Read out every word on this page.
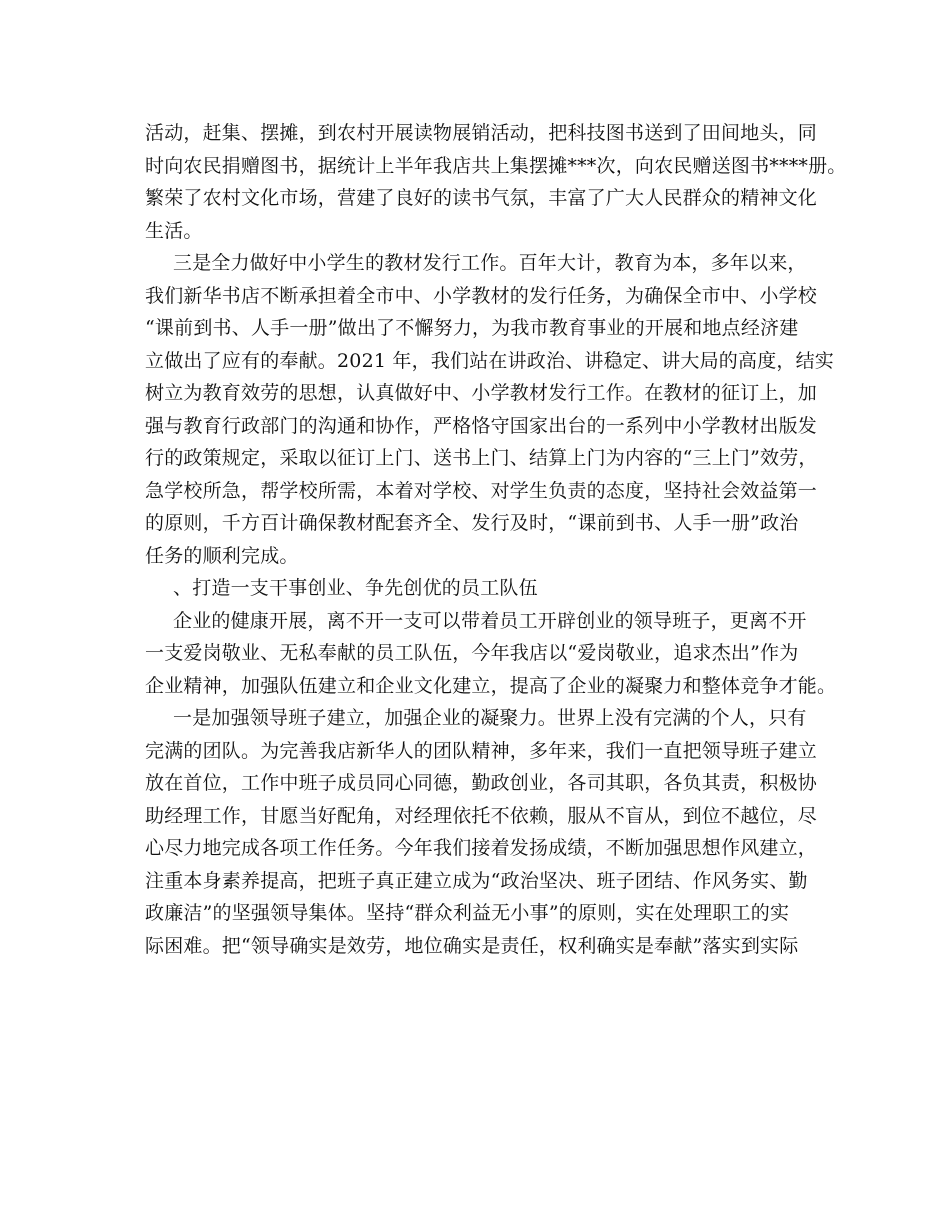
活动，赶集、摆摊，到农村开展读物展销活动，把科技图书送到了田间地头，同
时向农民捐赠图书，据统计上半年我店共上集摆摊***次，向农民赠送图书****册。
繁荣了农村文化市场，营建了良好的读书气氛，丰富了广大人民群众的精神文化
生活。
三是全力做好中小学生的教材发行工作。百年大计，教育为本，多年以来，
我们新华书店不断承担着全市中、小学教材的发行任务，为确保全市中、小学校
“课前到书、人手一册”做出了不懈努力，为我市教育事业的开展和地点经济建
立做出了应有的奉献。2021 年，我们站在讲政治、讲稳定、讲大局的高度，结实
树立为教育效劳的思想，认真做好中、小学教材发行工作。在教材的征订上，加
强与教育行政部门的沟通和协作，严格恪守国家出台的一系列中小学教材出版发
行的政策规定，采取以征订上门、送书上门、结算上门为内容的“三上门”效劳，
急学校所急，帮学校所需，本着对学校、对学生负责的态度，坚持社会效益第一
的原则，千方百计确保教材配套齐全、发行及时，“课前到书、人手一册”政治
任务的顺利完成。
、打造一支干事创业、争先创优的员工队伍
企业的健康开展，离不开一支可以带着员工开辟创业的领导班子，更离不开
一支爱岗敬业、无私奉献的员工队伍，今年我店以“爱岗敬业，追求杰出”作为
企业精神，加强队伍建立和企业文化建立，提高了企业的凝聚力和整体竞争才能。
一是加强领导班子建立，加强企业的凝聚力。世界上没有完满的个人，只有
完满的团队。为完善我店新华人的团队精神，多年来，我们一直把领导班子建立
放在首位，工作中班子成员同心同德，勤政创业，各司其职，各负其责，积极协
助经理工作，甘愿当好配角，对经理依托不依赖，服从不盲从，到位不越位，尽
心尽力地完成各项工作任务。今年我们接着发扬成绩，不断加强思想作风建立，
注重本身素养提高，把班子真正建立成为“政治坚决、班子团结、作风务实、勤
政廉洁”的坚强领导集体。坚持“群众利益无小事”的原则，实在处理职工的实
际困难。把“领导确实是效劳，地位确实是责任，权利确实是奉献”落实到实际
